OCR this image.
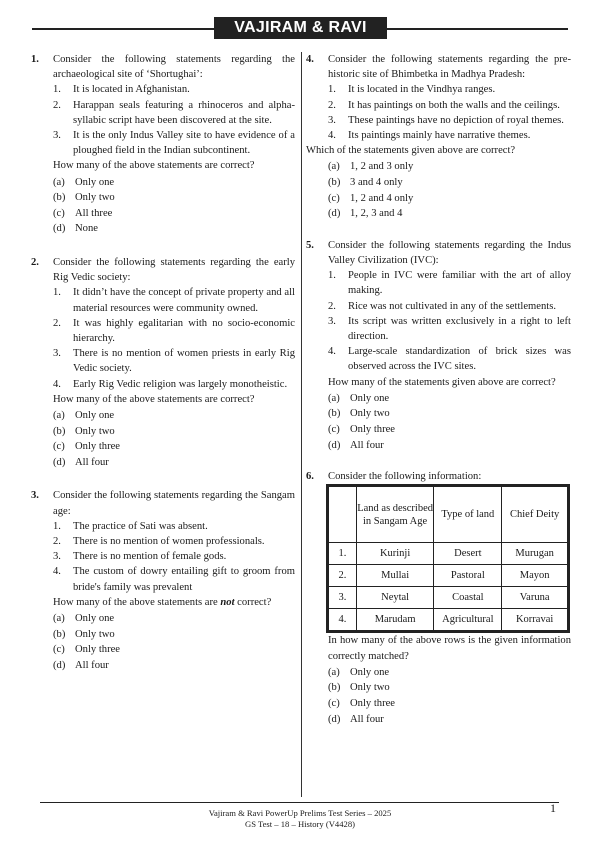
VAJIRAM & RAVI
1.	Consider the following statements regarding the archaeological site of ‘Shortughai’:
1.	It is located in Afghanistan.
2.	Harappan seals featuring a rhinoceros and alpha-syllabic script have been discovered at the site.
3.	It is the only Indus Valley site to have evidence of a ploughed field in the Indian subcontinent.
How many of the above statements are correct?
(a) Only one
(b) Only two
(c) All three
(d) None
2.	Consider the following statements regarding the early Rig Vedic society:
1.	It didn’t have the concept of private property and all material resources were community owned.
2.	It was highly egalitarian with no socio-economic hierarchy.
3.	There is no mention of women priests in early Rig Vedic society.
4.	Early Rig Vedic religion was largely monotheistic.
How many of the above statements are correct?
(a) Only one
(b) Only two
(c) Only three
(d) All four
3.	Consider the following statements regarding the Sangam age:
1.	The practice of Sati was absent.
2.	There is no mention of women professionals.
3.	There is no mention of female gods.
4.	The custom of dowry entailing gift to groom from bride's family was prevalent
How many of the above statements are not correct?
(a) Only one
(b) Only two
(c) Only three
(d) All four
4.	Consider the following statements regarding the pre-historic site of Bhimbetka in Madhya Pradesh:
1.	It is located in the Vindhya ranges.
2.	It has paintings on both the walls and the ceilings.
3.	These paintings have no depiction of royal themes.
4.	Its paintings mainly have narrative themes.
Which of the statements given above are correct?
(a) 1, 2 and 3 only
(b) 3 and 4 only
(c) 1, 2 and 4 only
(d) 1, 2, 3 and 4
5.	Consider the following statements regarding the Indus Valley Civilization (IVC):
1.	People in IVC were familiar with the art of alloy making.
2.	Rice was not cultivated in any of the settlements.
3.	Its script was written exclusively in a right to left direction.
4.	Large-scale standardization of brick sizes was observed across the IVC sites.
How many of the statements given above are correct?
(a) Only one
(b) Only two
(c) Only three
(d) All four
6.	Consider the following information:
	Land as described in Sangam Age	Type of land	Chief Deity
1.	Kurinji	Desert	Murugan
2.	Mullai	Pastoral	Mayon
3.	Neytal	Coastal	Varuna
4.	Marudam	Agricultural	Korravai
In how many of the above rows is the given information correctly matched?
(a) Only one
(b) Only two
(c) Only three
(d) All four
Vajiram & Ravi PowerUp Prelims Test Series – 2025
GS Test – 18 – History (V4428)
1
